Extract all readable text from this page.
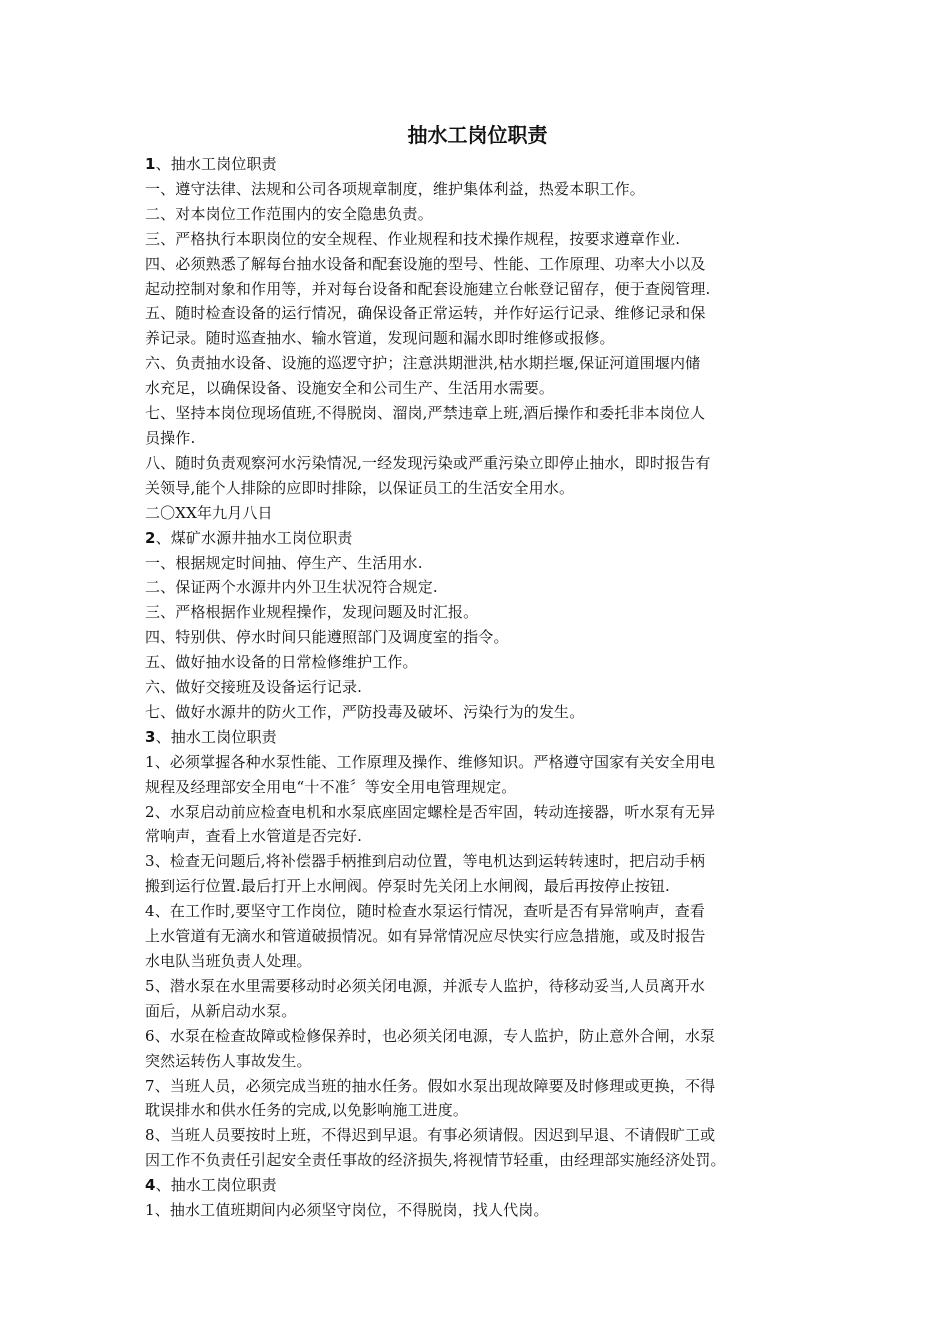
抽水工岗位职责
1、抽水工岗位职责
一、遵守法律、法规和公司各项规章制度，维护集体利益，热爱本职工作。
二、对本岗位工作范围内的安全隐患负责。
三、严格执行本职岗位的安全规程、作业规程和技术操作规程，按要求遵章作业.
四、必须熟悉了解每台抽水设备和配套设施的型号、性能、工作原理、功率大小以及
起动控制对象和作用等，并对每台设备和配套设施建立台帐登记留存，便于查阅管理.
五、随时检查设备的运行情况，确保设备正常运转，并作好运行记录、维修记录和保
养记录。随时巡查抽水、输水管道，发现问题和漏水即时维修或报修。
六、负责抽水设备、设施的巡逻守护；注意洪期泄洪,枯水期拦堰,保证河道围堰内储
水充足，以确保设备、设施安全和公司生产、生活用水需要。
七、坚持本岗位现场值班,不得脱岗、溜岗,严禁违章上班,酒后操作和委托非本岗位人
员操作.
八、随时负责观察河水污染情况,一经发现污染或严重污染立即停止抽水，即时报告有
关领导,能个人排除的应即时排除，以保证员工的生活安全用水。
二〇XX年九月八日
2、煤矿水源井抽水工岗位职责
一、根据规定时间抽、停生产、生活用水.
二、保证两个水源井内外卫生状况符合规定.
三、严格根据作业规程操作，发现问题及时汇报。
四、特别供、停水时间只能遵照部门及调度室的指令。
五、做好抽水设备的日常检修维护工作。
六、做好交接班及设备运行记录.
七、做好水源井的防火工作，严防投毒及破坏、污染行为的发生。
3、抽水工岗位职责
1、必须掌握各种水泵性能、工作原理及操作、维修知识。严格遵守国家有关安全用电
规程及经理部安全用电“十不准〞等安全用电管理规定。
2、水泵启动前应检查电机和水泵底座固定螺栓是否牢固，转动连接器，听水泵有无异
常响声，查看上水管道是否完好.
3、检查无问题后,将补偿器手柄推到启动位置，等电机达到运转转速时，把启动手柄
搬到运行位置.最后打开上水闸阀。停泵时先关闭上水闸阀，最后再按停止按钮.
4、在工作时,要坚守工作岗位，随时检查水泵运行情况，查听是否有异常响声，查看
上水管道有无滴水和管道破损情况。如有异常情况应尽快实行应急措施，或及时报告
水电队当班负责人处理。
5、潜水泵在水里需要移动时必须关闭电源，并派专人监护，待移动妥当,人员离开水
面后，从新启动水泵。
6、水泵在检查故障或检修保养时，也必须关闭电源，专人监护，防止意外合闸，水泵
突然运转伤人事故发生。
7、当班人员，必须完成当班的抽水任务。假如水泵出现故障要及时修理或更换，不得
耽误排水和供水任务的完成,以免影响施工进度。
8、当班人员要按时上班，不得迟到早退。有事必须请假。因迟到早退、不请假旷工或
因工作不负责任引起安全责任事故的经济损失,将视情节轻重，由经理部实施经济处罚。
4、抽水工岗位职责
1、抽水工值班期间内必须坚守岗位，不得脱岗，找人代岗。
